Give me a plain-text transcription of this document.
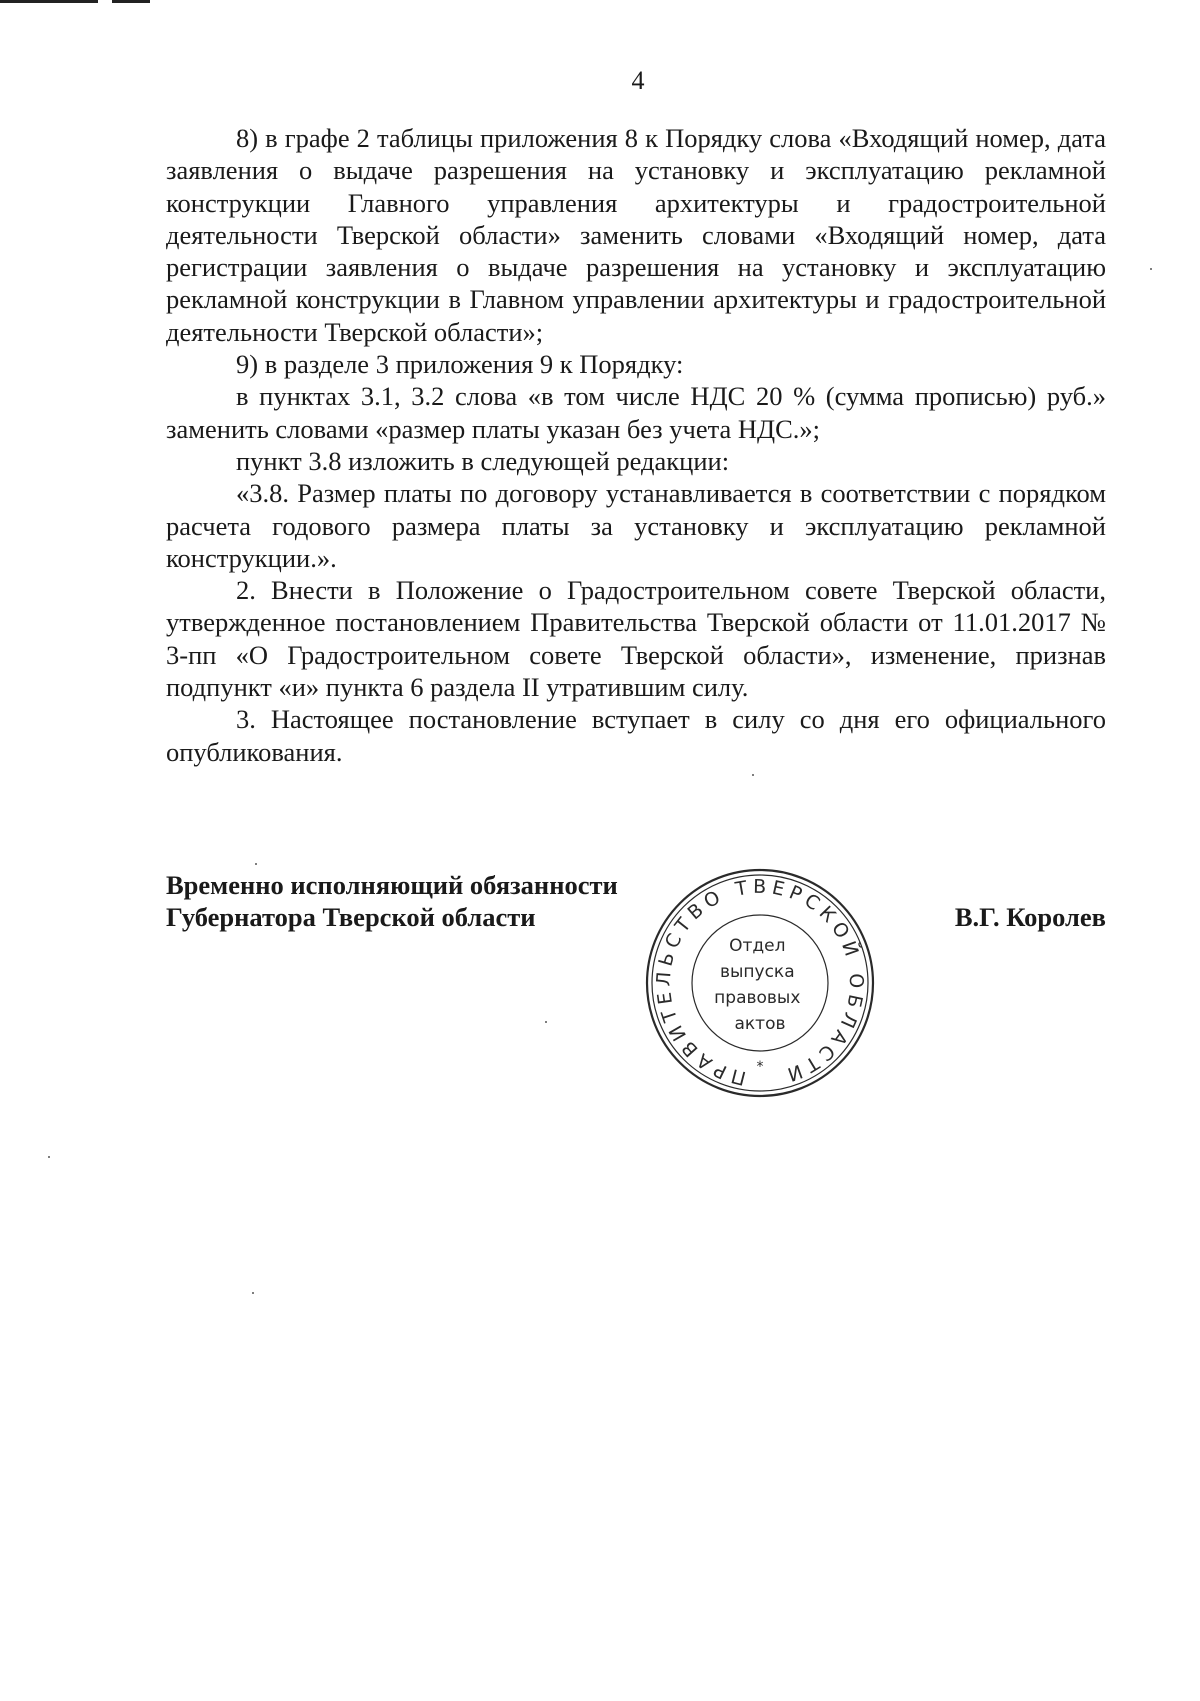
4

8) в графе 2 таблицы приложения 8 к Порядку слова «Входящий номер, дата заявления о выдаче разрешения на установку и эксплуатацию рекламной конструкции Главного управления архитектуры и градостроительной деятельности Тверской области» заменить словами «Входящий номер, дата регистрации заявления о выдаче разрешения на установку и эксплуатацию рекламной конструкции в Главном управлении архитектуры и градостроительной деятельности Тверской области»;

9) в разделе 3 приложения 9 к Порядку:

в пунктах 3.1, 3.2 слова «в том числе НДС 20 % (сумма прописью) руб.» заменить словами «размер платы указан без учета НДС.»;

пункт 3.8 изложить в следующей редакции:

«3.8. Размер платы по договору устанавливается в соответствии с порядком расчета годового размера платы за установку и эксплуатацию рекламной конструкции.».

2. Внести в Положение о Градостроительном совете Тверской области, утвержденное постановлением Правительства Тверской области от 11.01.2017 № 3-пп «О Градостроительном совете Тверской области», изменение, признав подпункт «и» пункта 6 раздела II утратившим силу.

3. Настоящее постановление вступает в силу со дня его официального опубликования.

Временно исполняющий обязанности
Губернатора Тверской области	В.Г. Королев
ПРАВИТЕЛЬСТВО ТВЕРСКОЙ ОБЛАСТИ
*
Отдел выпуска правовых актов
